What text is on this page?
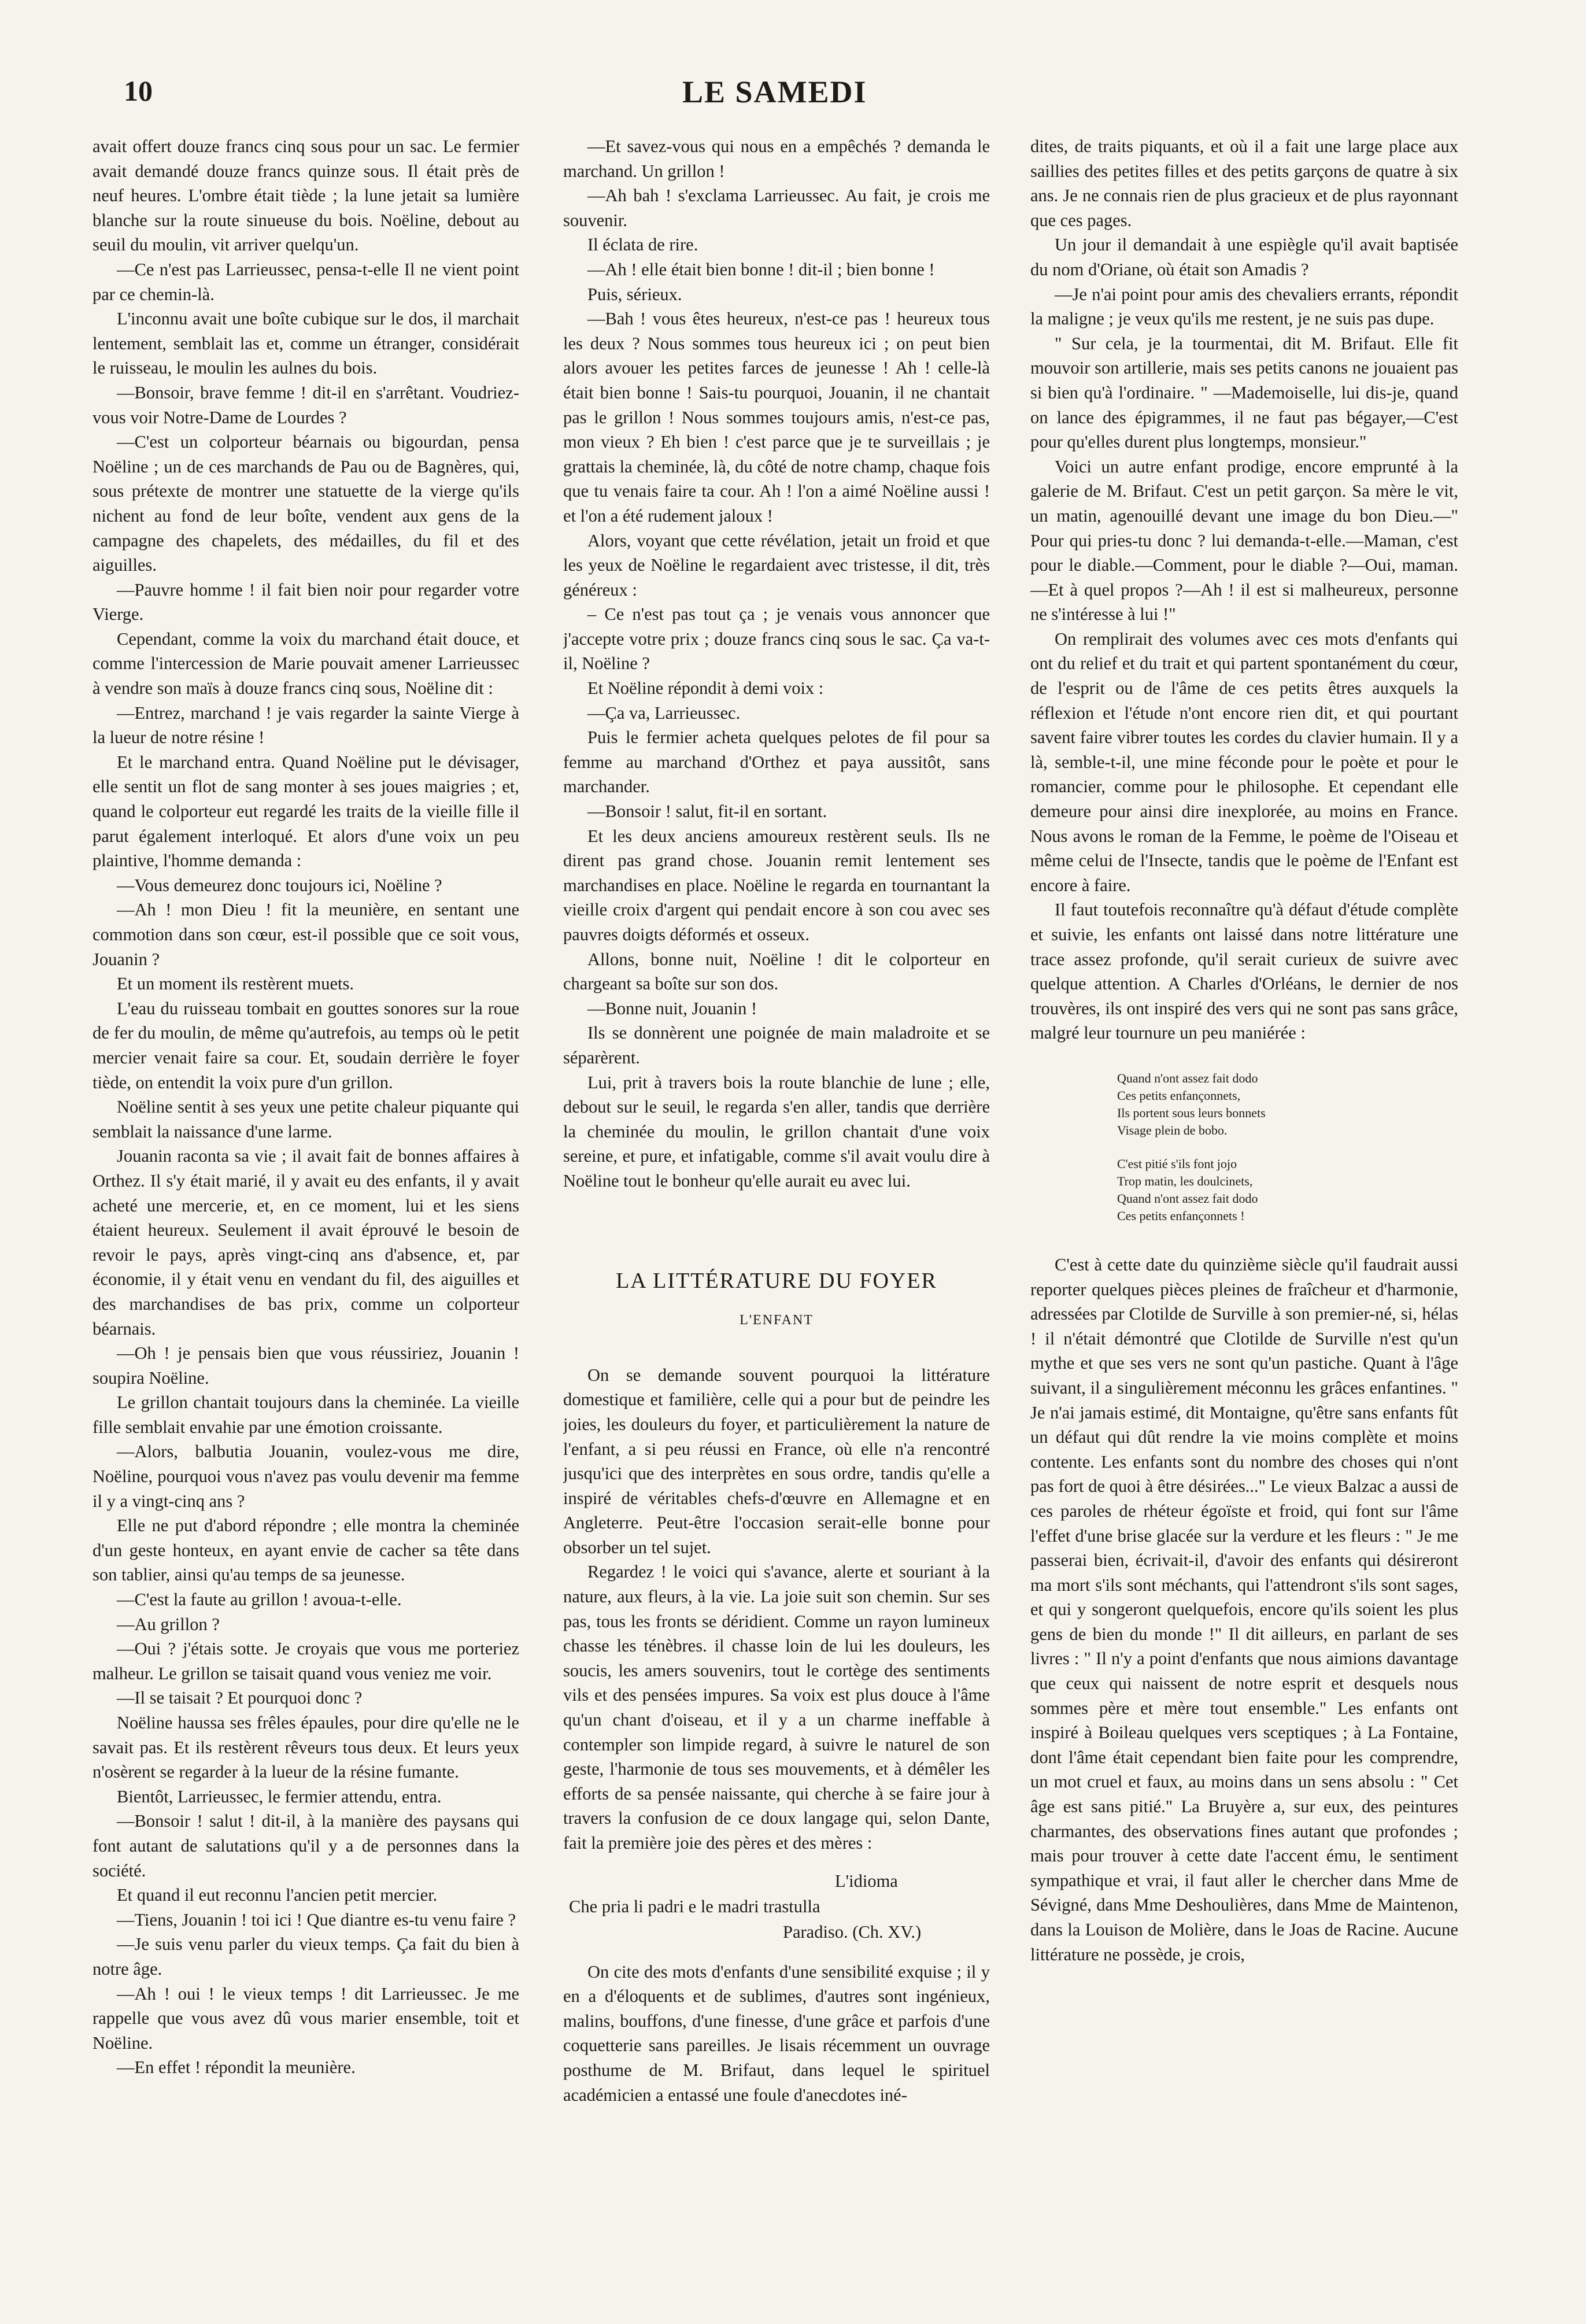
10	LE SAMEDI

avait offert douze francs cinq sous pour un sac. Le fermier avait demandé douze francs quinze sous. Il était près de neuf heures. L'ombre était tiède ; la lune jetait sa lumière blanche sur la route sinueuse du bois. Noëline, debout au seuil du moulin, vit arriver quelqu'un.

—Ce n'est pas Larrieussec, pensa-t-elle Il ne vient point par ce chemin-là.

L'inconnu avait une boîte cubique sur le dos, il marchait lentement, semblait las et, comme un étranger, considérait le ruisseau, le moulin les aulnes du bois.

—Bonsoir, brave femme ! dit-il en s'arrêtant. Voudriez-vous voir Notre-Dame de Lourdes ?

—C'est un colporteur béarnais ou bigourdan, pensa Noëline ; un de ces marchands de Pau ou de Bagnères, qui, sous prétexte de montrer une statuette de la vierge qu'ils nichent au fond de leur boîte, vendent aux gens de la campagne des chapelets, des médailles, du fil et des aiguilles.

—Pauvre homme ! il fait bien noir pour regarder votre Vierge.

Cependant, comme la voix du marchand était douce, et comme l'intercession de Marie pouvait amener Larrieussec à vendre son maïs à douze francs cinq sous, Noëline dit :

—Entrez, marchand ! je vais regarder la sainte Vierge à la lueur de notre résine !

Et le marchand entra. Quand Noëline put le dévisager, elle sentit un flot de sang monter à ses joues maigries ; et, quand le colporteur eut regardé les traits de la vieille fille il parut également interloqué. Et alors d'une voix un peu plaintive, l'homme demanda :

—Vous demeurez donc toujours ici, Noëline ?

—Ah ! mon Dieu ! fit la meunière, en sentant une commotion dans son cœur, est-il possible que ce soit vous, Jouanin ?

Et un moment ils restèrent muets.

L'eau du ruisseau tombait en gouttes sonores sur la roue de fer du moulin, de même qu'autrefois, au temps où le petit mercier venait faire sa cour. Et, soudain derrière le foyer tiède, on entendit la voix pure d'un grillon.

Noëline sentit à ses yeux une petite chaleur piquante qui semblait la naissance d'une larme.

Jouanin raconta sa vie ; il avait fait de bonnes affaires à Orthez. Il s'y était marié, il y avait eu des enfants, il y avait acheté une mercerie, et, en ce moment, lui et les siens étaient heureux. Seulement il avait éprouvé le besoin de revoir le pays, après vingt-cinq ans d'absence, et, par économie, il y était venu en vendant du fil, des aiguilles et des marchandises de bas prix, comme un colporteur béarnais.

—Oh ! je pensais bien que vous réussiriez, Jouanin ! soupira Noëline.

Le grillon chantait toujours dans la cheminée. La vieille fille semblait envahie par une émotion croissante.

—Alors, balbutia Jouanin, voulez-vous me dire, Noëline, pourquoi vous n'avez pas voulu devenir ma femme il y a vingt-cinq ans ?

Elle ne put d'abord répondre ; elle montra la cheminée d'un geste honteux, en ayant envie de cacher sa tête dans son tablier, ainsi qu'au temps de sa jeunesse.

—C'est la faute au grillon ! avoua-t-elle.

—Au grillon ?

—Oui ? j'étais sotte. Je croyais que vous me porteriez malheur. Le grillon se taisait quand vous veniez me voir.

—Il se taisait ? Et pourquoi donc ?

Noëline haussa ses frêles épaules, pour dire qu'elle ne le savait pas. Et ils restèrent rêveurs tous deux. Et leurs yeux n'osèrent se regarder à la lueur de la résine fumante.

Bientôt, Larrieussec, le fermier attendu, entra.

—Bonsoir ! salut ! dit-il, à la manière des paysans qui font autant de salutations qu'il y a de personnes dans la société.

Et quand il eut reconnu l'ancien petit mercier.

—Tiens, Jouanin ! toi ici ! Que diantre es-tu venu faire ?

—Je suis venu parler du vieux temps. Ça fait du bien à notre âge.

—Ah ! oui ! le vieux temps ! dit Larrieussec. Je me rappelle que vous avez dû vous marier ensemble, toit et Noëline.

—En effet ! répondit la meunière.

—Et savez-vous qui nous en a empêchés ? demanda le marchand. Un grillon !

—Ah bah ! s'exclama Larrieussec. Au fait, je crois me souvenir.

Il éclata de rire.

—Ah ! elle était bien bonne ! dit-il ; bien bonne !

Puis, sérieux.

—Bah ! vous êtes heureux, n'est-ce pas ! heureux tous les deux ? Nous sommes tous heureux ici ; on peut bien alors avouer les petites farces de jeunesse ! Ah ! celle-là était bien bonne ! Sais-tu pourquoi, Jouanin, il ne chantait pas le grillon ! Nous sommes toujours amis, n'est-ce pas, mon vieux ? Eh bien ! c'est parce que je te surveillais ; je grattais la cheminée, là, du côté de notre champ, chaque fois que tu venais faire ta cour. Ah ! l'on a aimé Noëline aussi ! et l'on a été rudement jaloux !

Alors, voyant que cette révélation, jetait un froid et que les yeux de Noëline le regardaient avec tristesse, il dit, très généreux :

– Ce n'est pas tout ça ; je venais vous annoncer que j'accepte votre prix ; douze francs cinq sous le sac. Ça va-t-il, Noëline ?

Et Noëline répondit à demi voix :

—Ça va, Larrieussec.

Puis le fermier acheta quelques pelotes de fil pour sa femme au marchand d'Orthez et paya aussitôt, sans marchander.

—Bonsoir ! salut, fit-il en sortant.

Et les deux anciens amoureux restèrent seuls. Ils ne dirent pas grand chose. Jouanin remit lentement ses marchandises en place. Noëline le regarda en tournantant la vieille croix d'argent qui pendait encore à son cou avec ses pauvres doigts déformés et osseux.

Allons, bonne nuit, Noëline ! dit le colporteur en chargeant sa boîte sur son dos.

—Bonne nuit, Jouanin !

Ils se donnèrent une poignée de main maladroite et se séparèrent.

Lui, prit à travers bois la route blanchie de lune ; elle, debout sur le seuil, le regarda s'en aller, tandis que derrière la cheminée du moulin, le grillon chantait d'une voix sereine, et pure, et infatigable, comme s'il avait voulu dire à Noëline tout le bonheur qu'elle aurait eu avec lui.

LA LITTÉRATURE DU FOYER
L'ENFANT

On se demande souvent pourquoi la littérature domestique et familière, celle qui a pour but de peindre les joies, les douleurs du foyer, et particulièrement la nature de l'enfant, a si peu réussi en France, où elle n'a rencontré jusqu'ici que des interprètes en sous ordre, tandis qu'elle a inspiré de véritables chefs-d'œuvre en Allemagne et en Angleterre. Peut-être l'occasion serait-elle bonne pour obsorber un tel sujet.

Regardez ! le voici qui s'avance, alerte et souriant à la nature, aux fleurs, à la vie. La joie suit son chemin. Sur ses pas, tous les fronts se déridient. Comme un rayon lumineux chasse les ténèbres. il chasse loin de lui les douleurs, les soucis, les amers souvenirs, tout le cortège des sentiments vils et des pensées impures. Sa voix est plus douce à l'âme qu'un chant d'oiseau, et il y a un charme ineffable à contempler son limpide regard, à suivre le naturel de son geste, l'harmonie de tous ses mouvements, et à démêler les efforts de sa pensée naissante, qui cherche à se faire jour à travers la confusion de ce doux langage qui, selon Dante, fait la première joie des pères et des mères :

L'idioma
Che pria li padri e le madri trastulla
Paradiso. (Ch. XV.)

On cite des mots d'enfants d'une sensibilité exquise ; il y en a d'éloquents et de sublimes, d'autres sont ingénieux, malins, bouffons, d'une finesse, d'une grâce et parfois d'une coquetterie sans pareilles. Je lisais récemment un ouvrage posthume de M. Brifaut, dans lequel le spirituel académicien a entassé une foule d'anecdotes iné-

dites, de traits piquants, et où il a fait une large place aux saillies des petites filles et des petits garçons de quatre à six ans. Je ne connais rien de plus gracieux et de plus rayonnant que ces pages.

Un jour il demandait à une espiègle qu'il avait baptisée du nom d'Oriane, où était son Amadis ?

—Je n'ai point pour amis des chevaliers errants, répondit la maligne ; je veux qu'ils me restent, je ne suis pas dupe.

" Sur cela, je la tourmentai, dit M. Brifaut. Elle fit mouvoir son artillerie, mais ses petits canons ne jouaient pas si bien qu'à l'ordinaire. " —Mademoiselle, lui dis-je, quand on lance des épigrammes, il ne faut pas bégayer,—C'est pour qu'elles durent plus longtemps, monsieur."

Voici un autre enfant prodige, encore emprunté à la galerie de M. Brifaut. C'est un petit garçon. Sa mère le vit, un matin, agenouillé devant une image du bon Dieu.—" Pour qui pries-tu donc ? lui demanda-t-elle.—Maman, c'est pour le diable.—Comment, pour le diable ?—Oui, maman.—Et à quel propos ?—Ah ! il est si malheureux, personne ne s'intéresse à lui !"

On remplirait des volumes avec ces mots d'enfants qui ont du relief et du trait et qui partent spontanément du cœur, de l'esprit ou de l'âme de ces petits êtres auxquels la réflexion et l'étude n'ont encore rien dit, et qui pourtant savent faire vibrer toutes les cordes du clavier humain. Il y a là, semble-t-il, une mine féconde pour le poète et pour le romancier, comme pour le philosophe. Et cependant elle demeure pour ainsi dire inexplorée, au moins en France. Nous avons le roman de la Femme, le poème de l'Oiseau et même celui de l'Insecte, tandis que le poème de l'Enfant est encore à faire.

Il faut toutefois reconnaître qu'à défaut d'étude complète et suivie, les enfants ont laissé dans notre littérature une trace assez profonde, qu'il serait curieux de suivre avec quelque attention. A Charles d'Orléans, le dernier de nos trouvères, ils ont inspiré des vers qui ne sont pas sans grâce, malgré leur tournure un peu maniérée :

Quand n'ont assez fait dodo
Ces petits enfançonnets,
Ils portent sous leurs bonnets
Visage plein de bobo.
C'est pitié s'ils font jojo
Trop matin, les doulcinets,
Quand n'ont assez fait dodo
Ces petits enfançonnets !

C'est à cette date du quinzième siècle qu'il faudrait aussi reporter quelques pièces pleines de fraîcheur et d'harmonie, adressées par Clotilde de Surville à son premier-né, si, hélas ! il n'était démontré que Clotilde de Surville n'est qu'un mythe et que ses vers ne sont qu'un pastiche. Quant à l'âge suivant, il a singulièrement méconnu les grâces enfantines. " Je n'ai jamais estimé, dit Montaigne, qu'être sans enfants fût un défaut qui dût rendre la vie moins complète et moins contente. Les enfants sont du nombre des choses qui n'ont pas fort de quoi à être désirées..." Le vieux Balzac a aussi de ces paroles de rhéteur égoïste et froid, qui font sur l'âme l'effet d'une brise glacée sur la verdure et les fleurs : " Je me passerai bien, écrivait-il, d'avoir des enfants qui désireront ma mort s'ils sont méchants, qui l'attendront s'ils sont sages, et qui y songeront quelquefois, encore qu'ils soient les plus gens de bien du monde !" Il dit ailleurs, en parlant de ses livres : " Il n'y a point d'enfants que nous aimions davantage que ceux qui naissent de notre esprit et desquels nous sommes père et mère tout ensemble." Les enfants ont inspiré à Boileau quelques vers sceptiques ; à La Fontaine, dont l'âme était cependant bien faite pour les comprendre, un mot cruel et faux, au moins dans un sens absolu : " Cet âge est sans pitié." La Bruyère a, sur eux, des peintures charmantes, des observations fines autant que profondes ; mais pour trouver à cette date l'accent ému, le sentiment sympathique et vrai, il faut aller le chercher dans Mme de Sévigné, dans Mme Deshoulières, dans Mme de Maintenon, dans la Louison de Molière, dans le Joas de Racine. Aucune littérature ne possède, je crois,
